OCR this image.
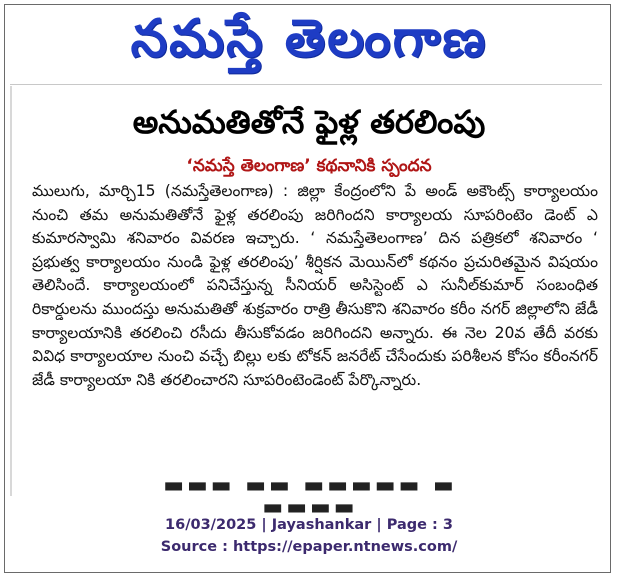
నమస్తే తెలంగాణ
అనుమతితోనే ఫైళ్ల తరలింపు
‘నమస్తే తెలంగాణ’ కథనానికి స్పందన

ములుగు, మార్చి15 (నమస్తేతెలంగాణ) : జిల్లా కేంద్రంలోని పే అండ్ అకౌంట్స్ కార్యాలయం నుంచి తమ అనుమతితోనే ఫైళ్ల తరలింపు జరిగిందని కార్యాలయ సూపరింటెం డెంట్ ఎ కుమారస్వామి శనివారం వివరణ ఇచ్చారు. ‘ నమస్తేతెలంగాణ’ దిన పత్రికలో శనివారం ‘ ప్రభుత్వ కార్యాలయం నుండి ఫైళ్ల తరలింపు’ శీర్షికన మెయిన్‌లో కథనం ప్రచురితమైన విషయం తెలిసిందే. కార్యాలయంలో పనిచేస్తున్న సీనియర్ అసిస్టెంట్ ఎ సునీల్‌కుమార్ సంబంధిత రికార్డులను ముందస్తు అనుమతితో శుక్రవారం రాత్రి తీసుకొని శనివారం కరీం నగర్ జిల్లాలోని జేడీ కార్యాలయానికి తరలించి రసీదు తీసుకోవడం జరిగిందని అన్నారు. ఈ నెల 20వ తేదీ వరకు వివిధ కార్యాలయాల నుంచి వచ్చే బిల్లు లకు టోకన్ జనరేట్ చేసేందుకు పరిశీలన కోసం కరీంనగర్ జేడీ కార్యాలయా నికి తరలించారని సూపరింటెండెంట్ పేర్కొన్నారు.

▬▬▬ ▬▬ ▬▬▬▬▬ ▬ ▬▬▬▬
16/03/2025 | Jayashankar | Page : 3
Source : https://epaper.ntnews.com/
